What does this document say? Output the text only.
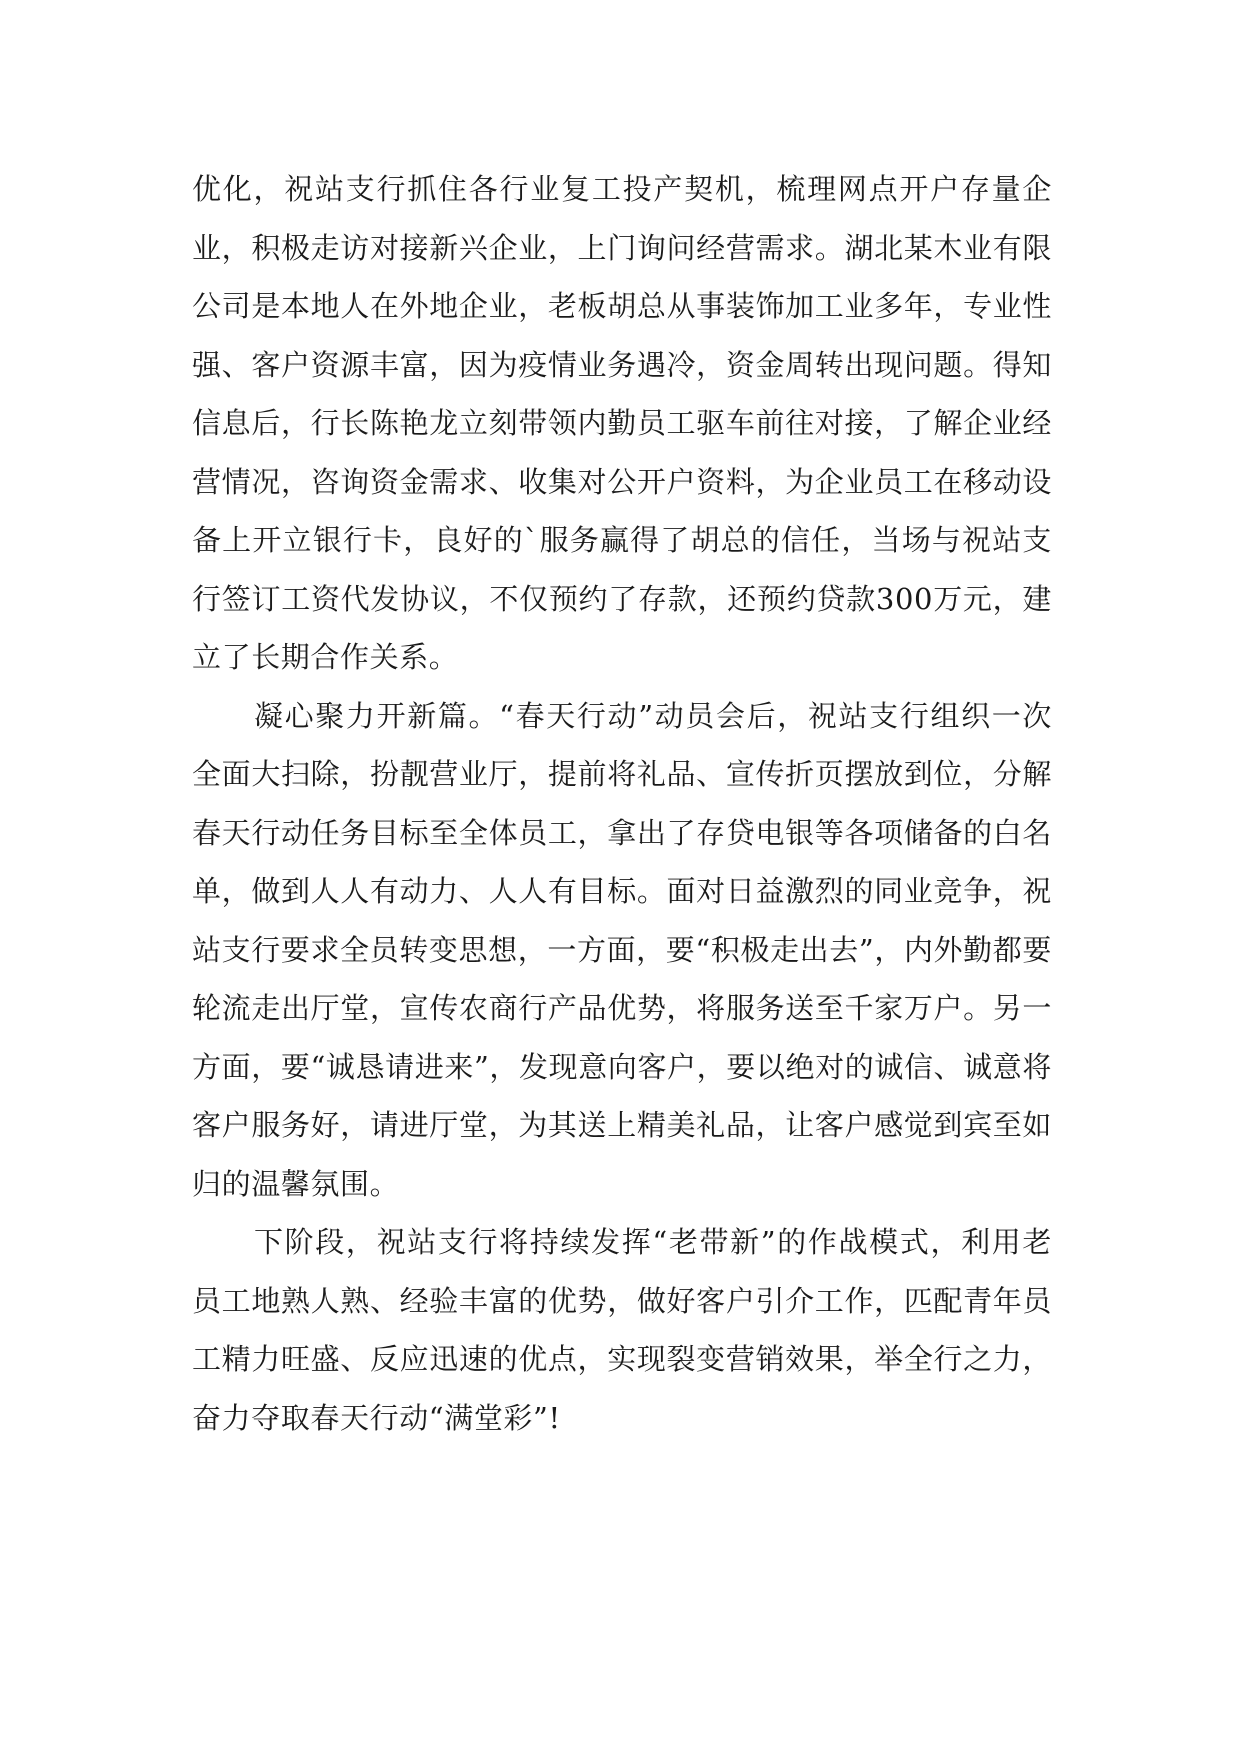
优化，祝站支行抓住各行业复工投产契机，梳理网点开户存量企业，积极走访对接新兴企业，上门询问经营需求。湖北某木业有限公司是本地人在外地企业，老板胡总从事装饰加工业多年，专业性强、客户资源丰富，因为疫情业务遇冷，资金周转出现问题。得知信息后，行长陈艳龙立刻带领内勤员工驱车前往对接，了解企业经营情况，咨询资金需求、收集对公开户资料，为企业员工在移动设备上开立银行卡，良好的`服务赢得了胡总的信任，当场与祝站支行签订工资代发协议，不仅预约了存款，还预约贷款300万元，建立了长期合作关系。

凝心聚力开新篇。“春天行动”动员会后，祝站支行组织一次全面大扫除，扮靓营业厅，提前将礼品、宣传折页摆放到位，分解春天行动任务目标至全体员工，拿出了存贷电银等各项储备的白名单，做到人人有动力、人人有目标。面对日益激烈的同业竞争，祝站支行要求全员转变思想，一方面，要“积极走出去”，内外勤都要轮流走出厅堂，宣传农商行产品优势，将服务送至千家万户。另一方面，要“诚恳请进来”，发现意向客户，要以绝对的诚信、诚意将客户服务好，请进厅堂，为其送上精美礼品，让客户感觉到宾至如归的温馨氛围。

下阶段，祝站支行将持续发挥“老带新”的作战模式，利用老员工地熟人熟、经验丰富的优势，做好客户引介工作，匹配青年员工精力旺盛、反应迅速的优点，实现裂变营销效果，举全行之力，奋力夺取春天行动“满堂彩”!
